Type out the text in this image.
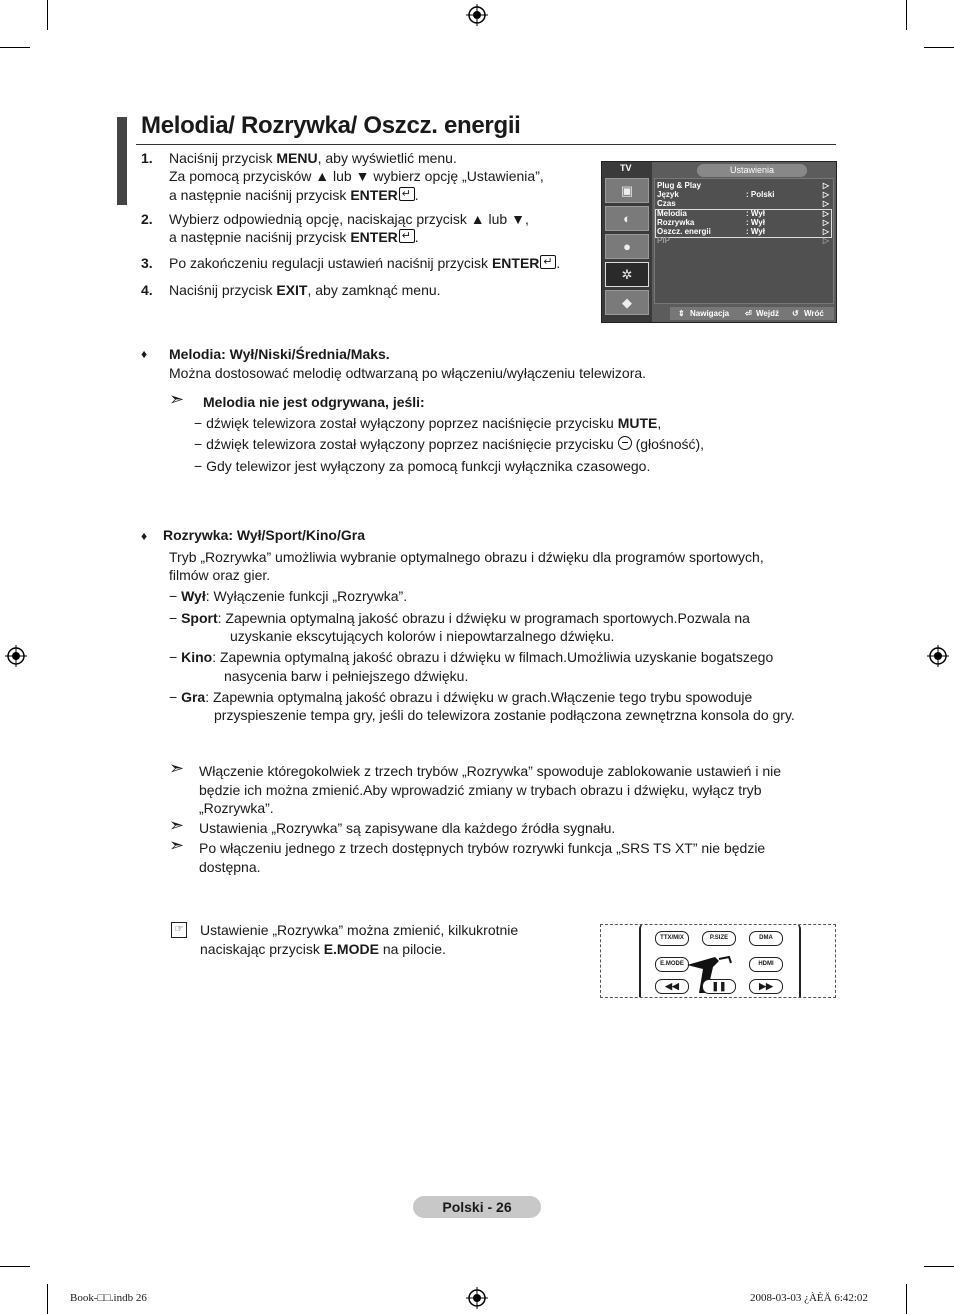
Melodia/ Rozrywka/ Oszcz. energii
1. Naciśnij przycisk MENU, aby wyświetlić menu.
Za pomocą przycisków ▲ lub ▼ wybierz opcję „Ustawienia”,
a następnie naciśnij przycisk ENTER ↵ .
2. Wybierz odpowiednią opcję, naciskając przycisk ▲ lub ▼,
a następnie naciśnij przycisk ENTER ↵ .
3. Po zakończeniu regulacji ustawień naciśnij przycisk ENTER ↵ .
4. Naciśnij przycisk EXIT, aby zamknąć menu.
TV
▣
◐
●
✲
◆
Ustawienia
Plug & Play	▷
Język	: Polski	▷
Czas	▷
Melodia	: Wył	▷
Rozrywka	: Wył	▷
Oszcz. energii	: Wył	▷
PIP	▷
⇕ Nawigacja ⏎ Wejdź ↺ Wróć
♦ Melodia: Wył/Niski/Średnia/Maks.
Można dostosować melodię odtwarzaną po włączeniu/wyłączeniu telewizora.
➣ Melodia nie jest odgrywana, jeśli:
− dźwięk telewizora został wyłączony poprzez naciśnięcie przycisku MUTE,
− dźwięk telewizora został wyłączony poprzez naciśnięcie przycisku  (głośność),
− Gdy telewizor jest wyłączony za pomocą funkcji wyłącznika czasowego.
♦ Rozrywka: Wył/Sport/Kino/Gra
Tryb „Rozrywka” umożliwia wybranie optymalnego obrazu i dźwięku dla programów sportowych,
filmów oraz gier.
− Wył: Wyłączenie funkcji „Rozrywka”.
− Sport: Zapewnia optymalną jakość obrazu i dźwięku w programach sportowych.Pozwala na
uzyskanie ekscytujących kolorów i niepowtarzalnego dźwięku.
− Kino: Zapewnia optymalną jakość obrazu i dźwięku w filmach.Umożliwia uzyskanie bogatszego
nasycenia barw i pełniejszego dźwięku.
− Gra: Zapewnia optymalną jakość obrazu i dźwięku w grach.Włączenie tego trybu spowoduje
przyspieszenie tempa gry, jeśli do telewizora zostanie podłączona zewnętrzna konsola do gry.
➣ Włączenie któregokolwiek z trzech trybów „Rozrywka” spowoduje zablokowanie ustawień i nie
będzie ich można zmienić.Aby wprowadzić zmiany w trybach obrazu i dźwięku, wyłącz tryb
„Rozrywka”.
➣ Ustawienia „Rozrywka” są zapisywane dla każdego źródła sygnału.
➣ Po włączeniu jednego z trzech dostępnych trybów rozrywki funkcja „SRS TS XT” nie będzie
dostępna.
☞ Ustawienie „Rozrywka” można zmienić, kilkukrotnie
naciskając przycisk E.MODE na pilocie.
TTX/MIX	P.SIZE	DMA
E.MODE	HDMI
◀◀	❚❚	▶▶
Polski - 26
Book-□□.indb 26	2008-03-03 ¿ÀÈÄ 6:42:02
